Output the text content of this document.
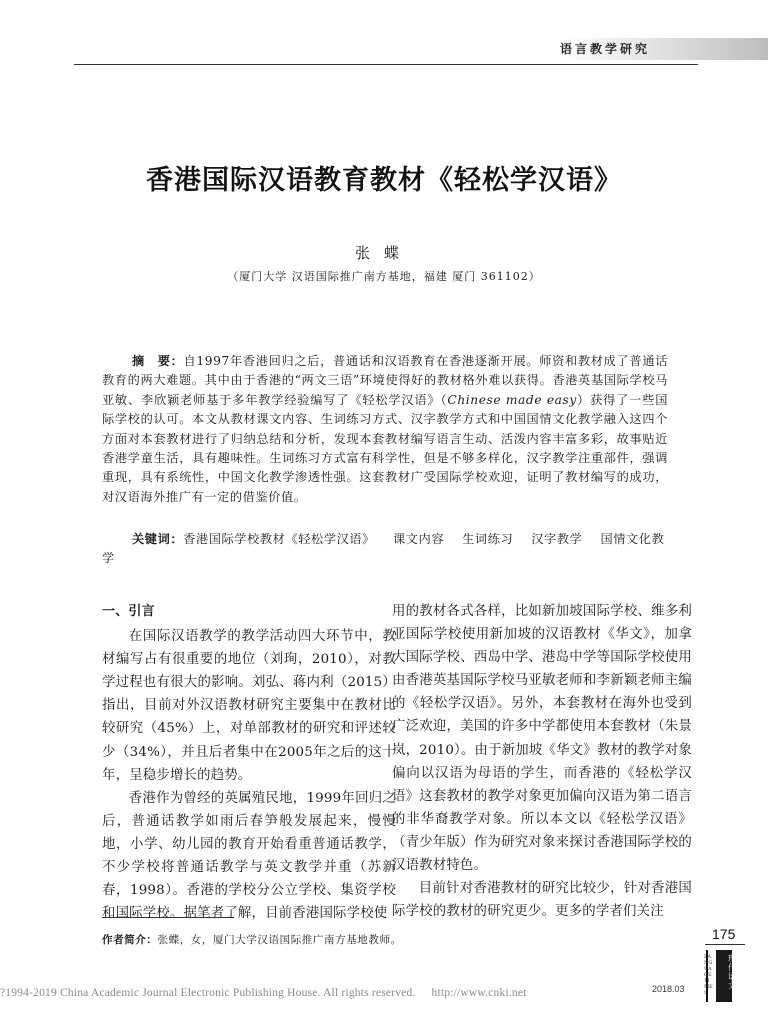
语言教学研究
香港国际汉语教育教材《轻松学汉语》
张蝶
（厦门大学 汉语国际推广南方基地，福建 厦门 361102）
摘　要：自1997年香港回归之后，普通话和汉语教育在香港逐渐开展。师资和教材成了普通话教育的两大难题。其中由于香港的“两文三语”环境使得好的教材格外难以获得。香港英基国际学校马亚敏、李欣颖老师基于多年教学经验编写了《轻松学汉语》（Chinese made easy）获得了一些国际学校的认可。本文从教材课文内容、生词练习方式、汉字教学方式和中国国情文化教学融入这四个方面对本套教材进行了归纳总结和分析，发现本套教材编写语言生动、活泼内容丰富多彩，故事贴近香港学童生活，具有趣味性。生词练习方式富有科学性，但是不够多样化，汉字教学注重部件，强调重现，具有系统性，中国文化教学渗透性强。这套教材广受国际学校欢迎，证明了教材编写的成功，对汉语海外推广有一定的借鉴价值。
关键词：香港国际学校教材《轻松学汉语》 课文内容 生词练习 汉字教学 国情文化教学
一、引言

在国际汉语教学的教学活动四大环节中，教材编写占有很重要的地位（刘珣，2010），对教学过程也有很大的影响。刘弘、蒋内利（2015）指出，目前对外汉语教材研究主要集中在教材比较研究（45%）上，对单部教材的研究和评述较少（34%），并且后者集中在2005年之后的这十年，呈稳步增长的趋势。

香港作为曾经的英属殖民地，1999年回归之后，普通话教学如雨后春笋般发展起来，慢慢地，小学、幼儿园的教育开始看重普通话教学，不少学校将普通话教学与英文教学并重（苏新春，1998）。香港的学校分公立学校、集资学校和国际学校。据笔者了解，目前香港国际学校使

用的教材各式各样，比如新加坡国际学校、维多利亚国际学校使用新加坡的汉语教材《华文》，加拿大国际学校、西岛中学、港岛中学等国际学校使用由香港英基国际学校马亚敏老师和李新颖老师主编的《轻松学汉语》。另外，本套教材在海外也受到广泛欢迎，美国的许多中学都使用本套教材（朱景岚，2010）。由于新加坡《华文》教材的教学对象偏向以汉语为母语的学生，而香港的《轻松学汉语》这套教材的教学对象更加偏向汉语为第二语言的非华裔教学对象。所以本文以《轻松学汉语》（青少年版）作为研究对象来探讨香港国际学校的汉语教材特色。

目前针对香港教材的研究比较少，针对香港国际学校的教材的研究更少。更多的学者们关注

作者简介：张蝶，女，厦门大学汉语国际推广南方基地教师。	175
LANGUAGE TIMES
现代语文
2018.03
?1994-2019 China Academic Journal Electronic Publishing House. All rights reserved. http://www.cnki.net
